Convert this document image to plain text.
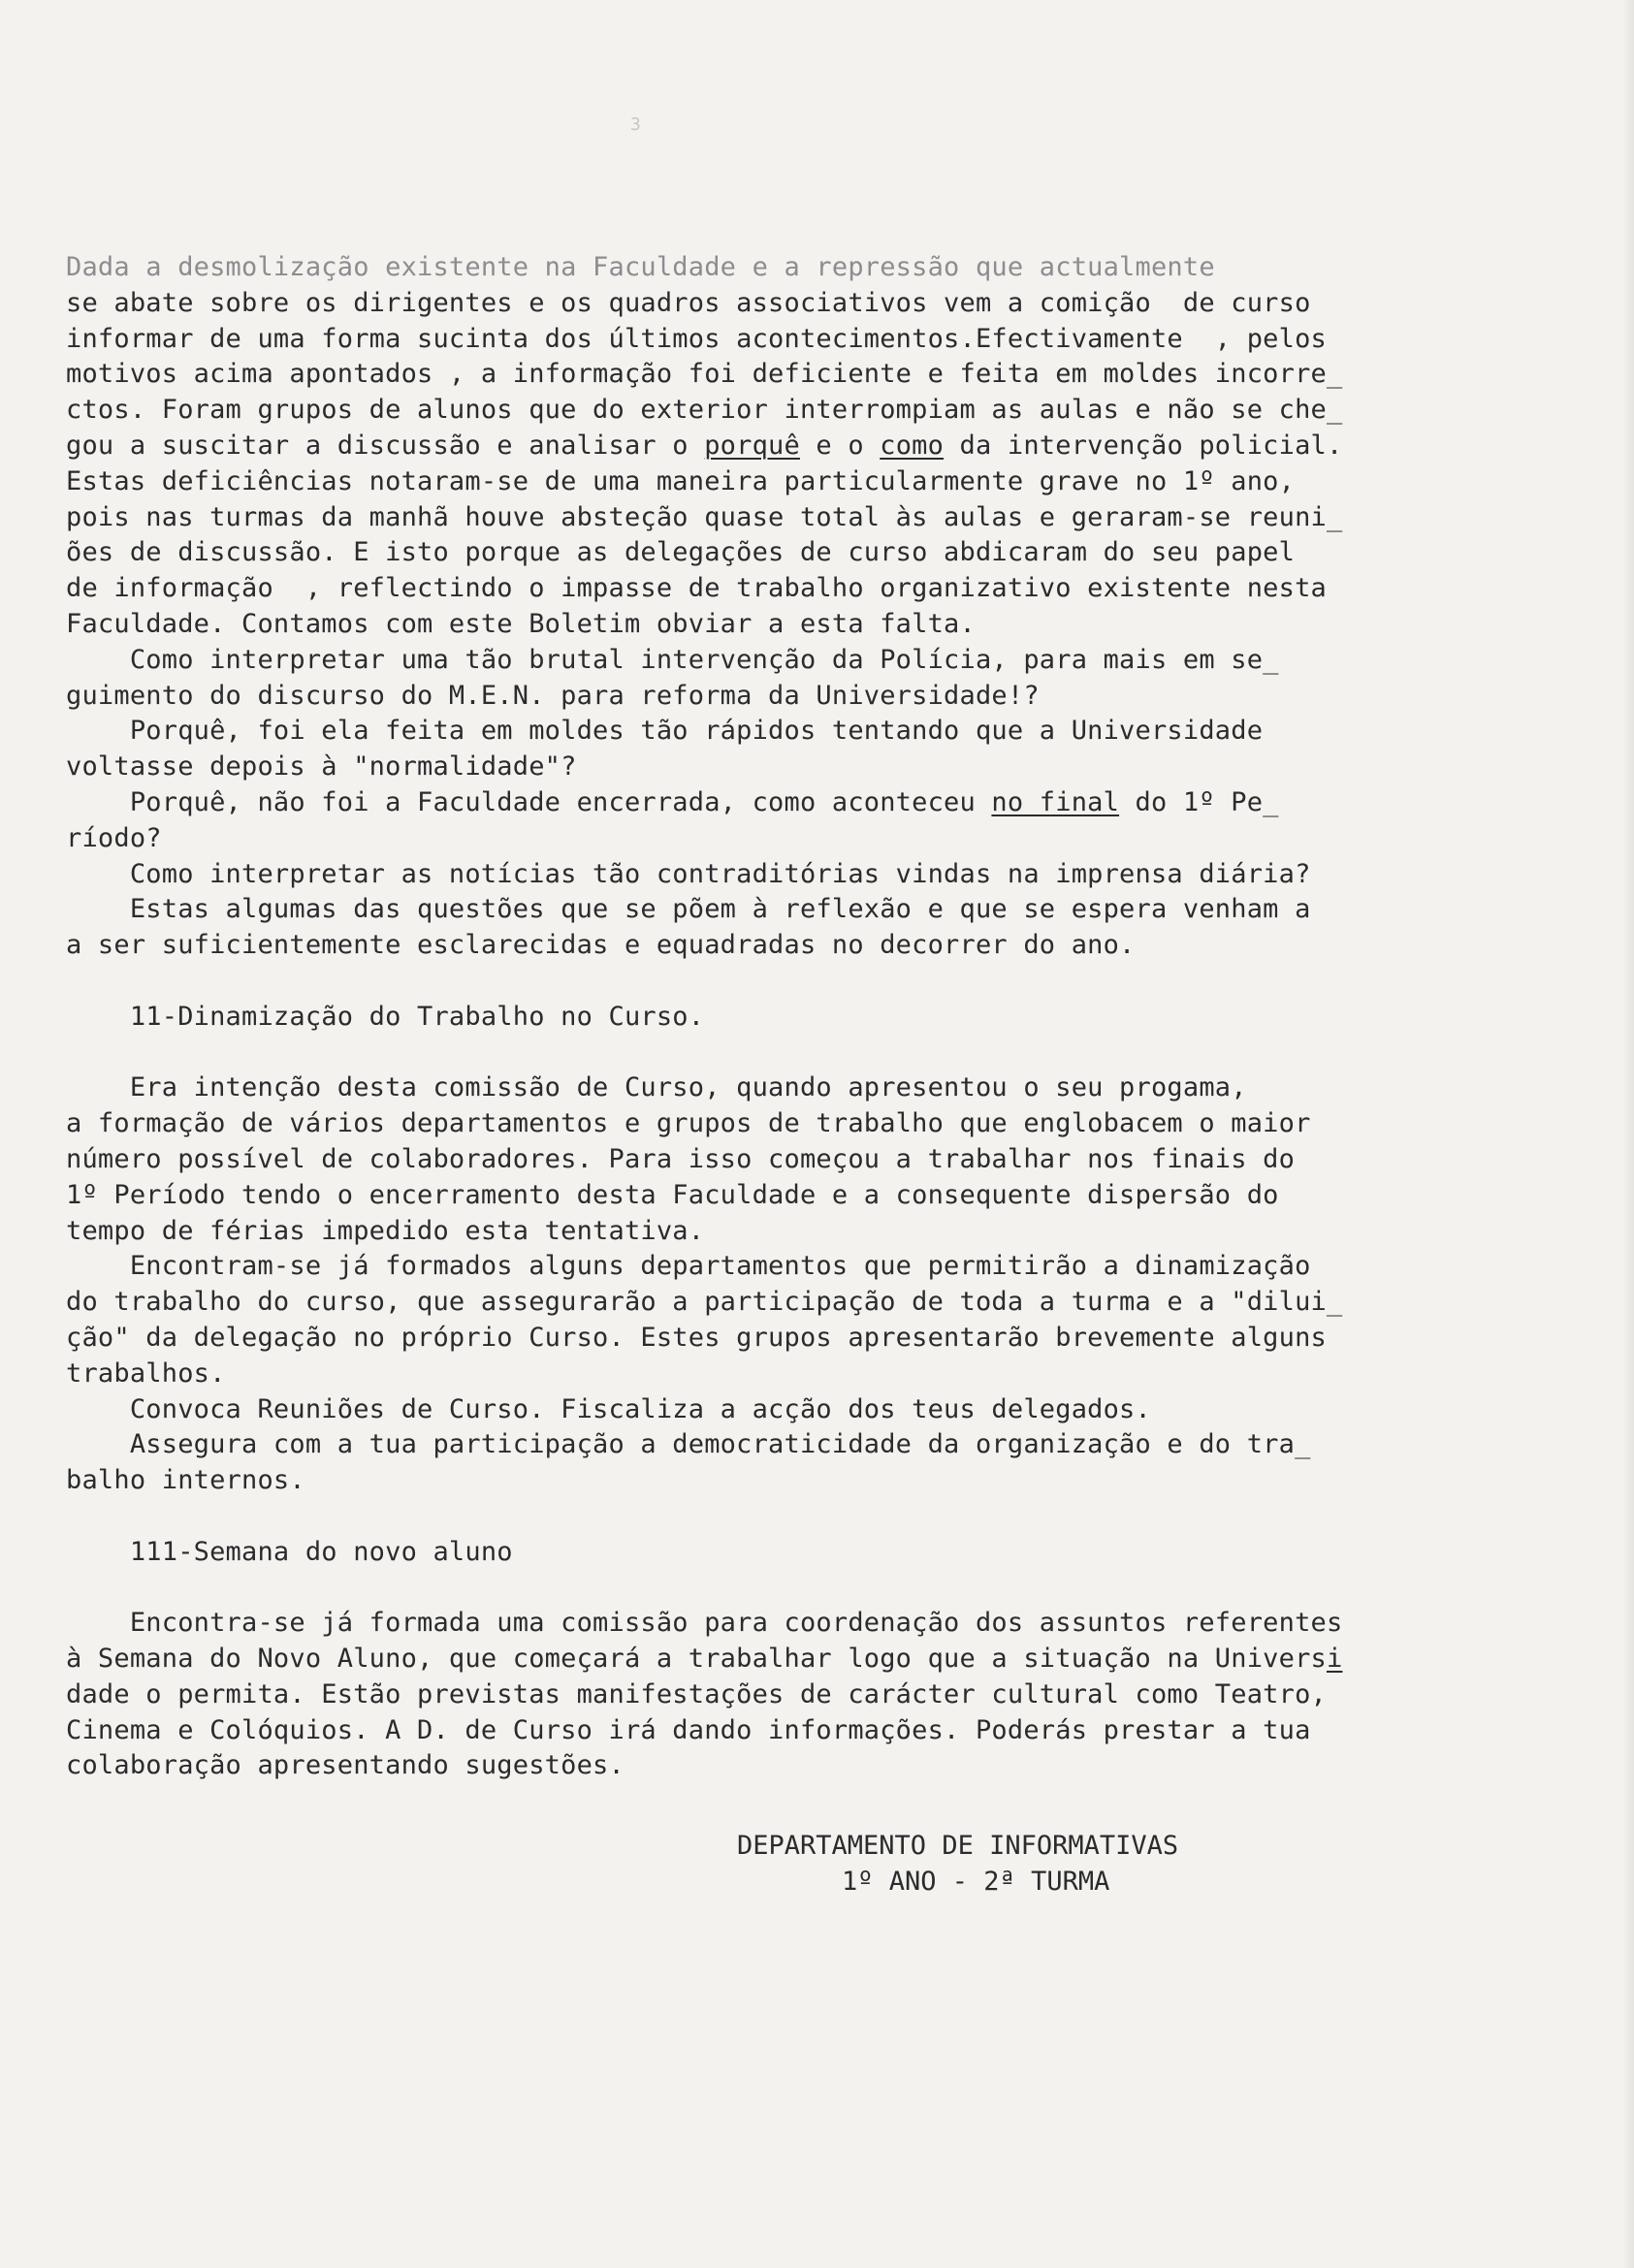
3

Dada a desmolização existente na Faculdade e a repressão que actualmente

se abate sobre os dirigentes e os quadros associativos vem a comição  de curso

informar de uma forma sucinta dos últimos acontecimentos.Efectivamente  , pelos

motivos acima apontados , a informação foi deficiente e feita em moldes incorre_

ctos. Foram grupos de alunos que do exterior interrompiam as aulas e não se che_

gou a suscitar a discussão e analisar o porquê e o como da intervenção policial.

Estas deficiências notaram-se de uma maneira particularmente grave no 1º ano,

pois nas turmas da manhã houve absteção quase total às aulas e geraram-se reuni_

ões de discussão. E isto porque as delegações de curso abdicaram do seu papel

de informação  , reflectindo o impasse de trabalho organizativo existente nesta

Faculdade. Contamos com este Boletim obviar a esta falta.

Como interpretar uma tão brutal intervenção da Polícia, para mais em se_

guimento do discurso do M.E.N. para reforma da Universidade!?

Porquê, foi ela feita em moldes tão rápidos tentando que a Universidade

voltasse depois à "normalidade"?

Porquê, não foi a Faculdade encerrada, como aconteceu no final do 1º Pe_

ríodo?

Como interpretar as notícias tão contraditórias vindas na imprensa diária?

Estas algumas das questões que se põem à reflexão e que se espera venham a

a ser suficientemente esclarecidas e equadradas no decorrer do ano.

11-Dinamização do Trabalho no Curso.

Era intenção desta comissão de Curso, quando apresentou o seu progama,

a formação de vários departamentos e grupos de trabalho que englobacem o maior

número possível de colaboradores. Para isso começou a trabalhar nos finais do

1º Período tendo o encerramento desta Faculdade e a consequente dispersão do

tempo de férias impedido esta tentativa.

Encontram-se já formados alguns departamentos que permitirão a dinamização

do trabalho do curso, que assegurarão a participação de toda a turma e a "dilui_

ção" da delegação no próprio Curso. Estes grupos apresentarão brevemente alguns

trabalhos.

Convoca Reuniões de Curso. Fiscaliza a acção dos teus delegados.

Assegura com a tua participação a democraticidade da organização e do tra_

balho internos.

111-Semana do novo aluno

Encontra-se já formada uma comissão para coordenação dos assuntos referentes

à Semana do Novo Aluno, que começará a trabalhar logo que a situação na Universi

dade o permita. Estão previstas manifestações de carácter cultural como Teatro,

Cinema e Colóquios. A D. de Curso irá dando informações. Poderás prestar a tua

colaboração apresentando sugestões.

DEPARTAMENTO DE INFORMATIVAS

1º ANO - 2ª TURMA
